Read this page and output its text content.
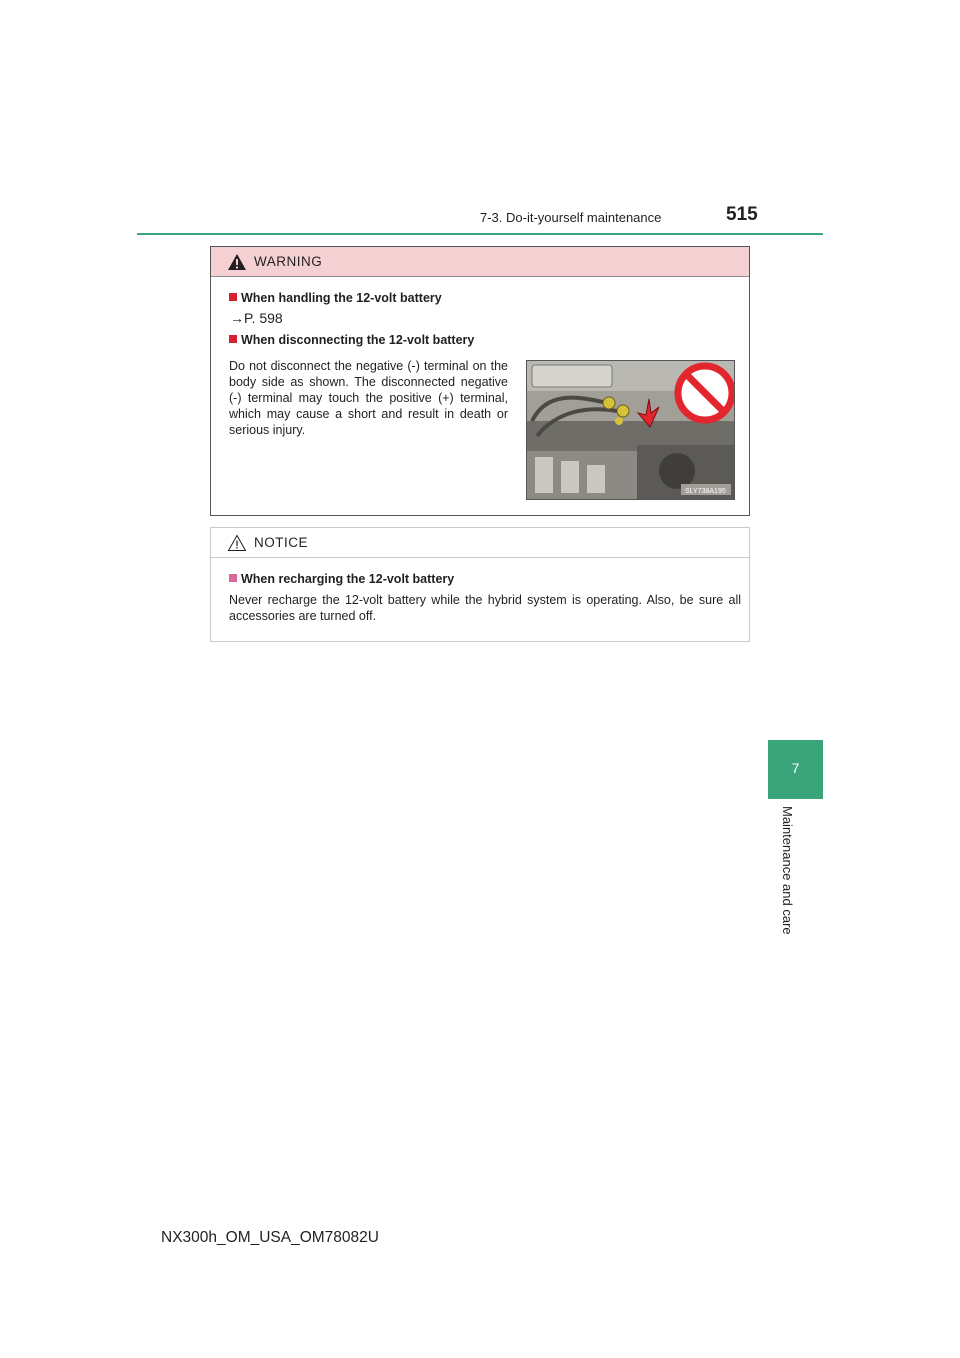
7-3. Do-it-yourself maintenance	515
7
Maintenance and care
WARNING
When handling the 12-volt battery
→P. 598
When disconnecting the 12-volt battery
Do not disconnect the negative (-) terminal on the body side as shown. The disconnected negative (-) terminal may touch the positive (+) terminal, which may cause a short and result in death or serious injury.
SLY738A195
NOTICE
When recharging the 12-volt battery
Never recharge the 12-volt battery while the hybrid system is operating. Also, be sure all accessories are turned off.
NX300h_OM_USA_OM78082U
